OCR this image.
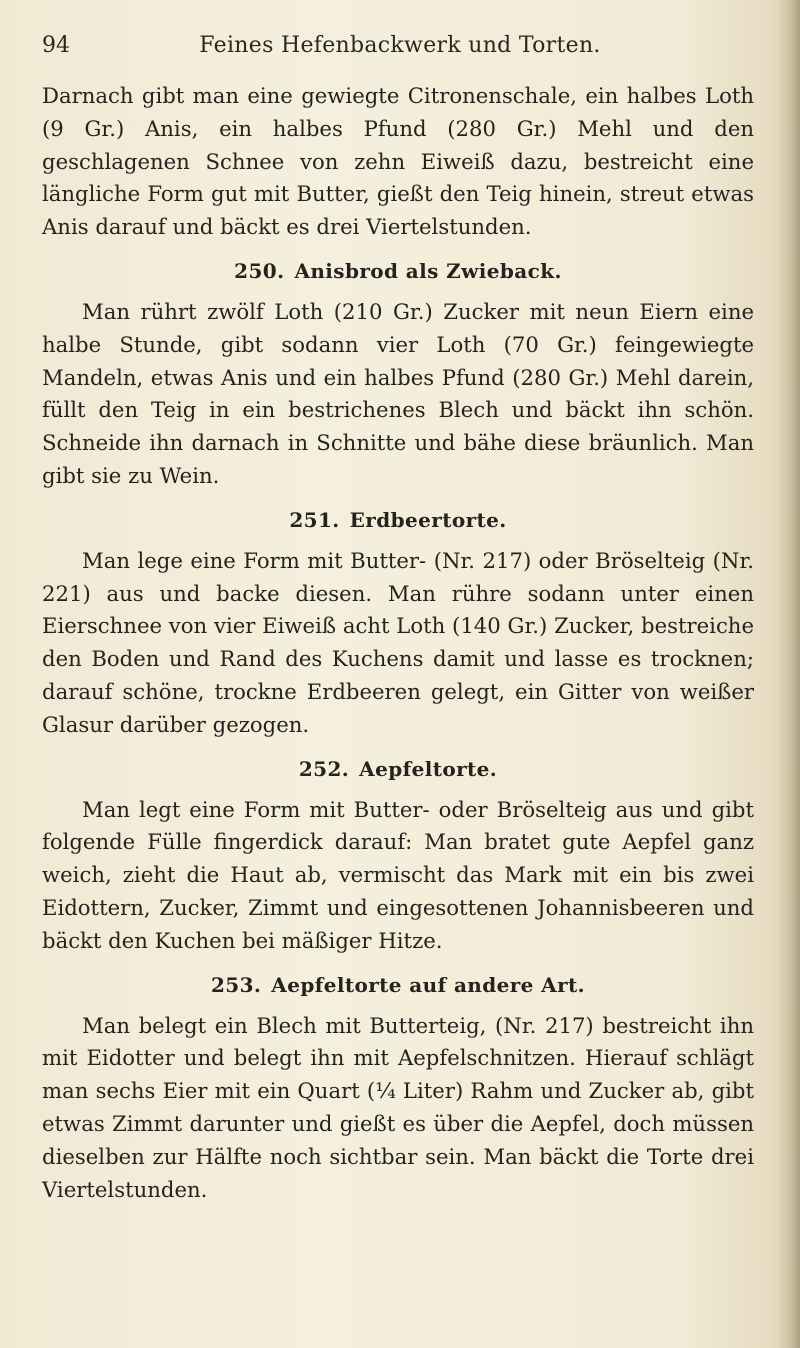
94	Feines Hefenbackwerk und Torten.

Darnach gibt man eine gewiegte Citronenschale, ein halbes Loth (9 Gr.) Anis, ein halbes Pfund (280 Gr.) Mehl und den geschlagenen Schnee von zehn Eiweiß dazu, bestreicht eine längliche Form gut mit Butter, gießt den Teig hinein, streut etwas Anis darauf und bäckt es drei Viertelstunden.

250. Anisbrod als Zwieback.

Man rührt zwölf Loth (210 Gr.) Zucker mit neun Eiern eine halbe Stunde, gibt sodann vier Loth (70 Gr.) feingewiegte Mandeln, etwas Anis und ein halbes Pfund (280 Gr.) Mehl darein, füllt den Teig in ein bestrichenes Blech und bäckt ihn schön. Schneide ihn darnach in Schnitte und bähe diese bräunlich. Man gibt sie zu Wein.

251. Erdbeertorte.

Man lege eine Form mit Butter- (Nr. 217) oder Bröselteig (Nr. 221) aus und backe diesen. Man rühre sodann unter einen Eierschnee von vier Eiweiß acht Loth (140 Gr.) Zucker, bestreiche den Boden und Rand des Kuchens damit und lasse es trocknen; darauf schöne, trockne Erdbeeren gelegt, ein Gitter von weißer Glasur darüber gezogen.

252. Aepfeltorte.

Man legt eine Form mit Butter- oder Bröselteig aus und gibt folgende Fülle fingerdick darauf: Man bratet gute Aepfel ganz weich, zieht die Haut ab, vermischt das Mark mit ein bis zwei Eidottern, Zucker, Zimmt und eingesottenen Johannisbeeren und bäckt den Kuchen bei mäßiger Hitze.

253. Aepfeltorte auf andere Art.

Man belegt ein Blech mit Butterteig, (Nr. 217) bestreicht ihn mit Eidotter und belegt ihn mit Aepfelschnitzen. Hierauf schlägt man sechs Eier mit ein Quart (¼ Liter) Rahm und Zucker ab, gibt etwas Zimmt darunter und gießt es über die Aepfel, doch müssen dieselben zur Hälfte noch sichtbar sein. Man bäckt die Torte drei Viertelstunden.
